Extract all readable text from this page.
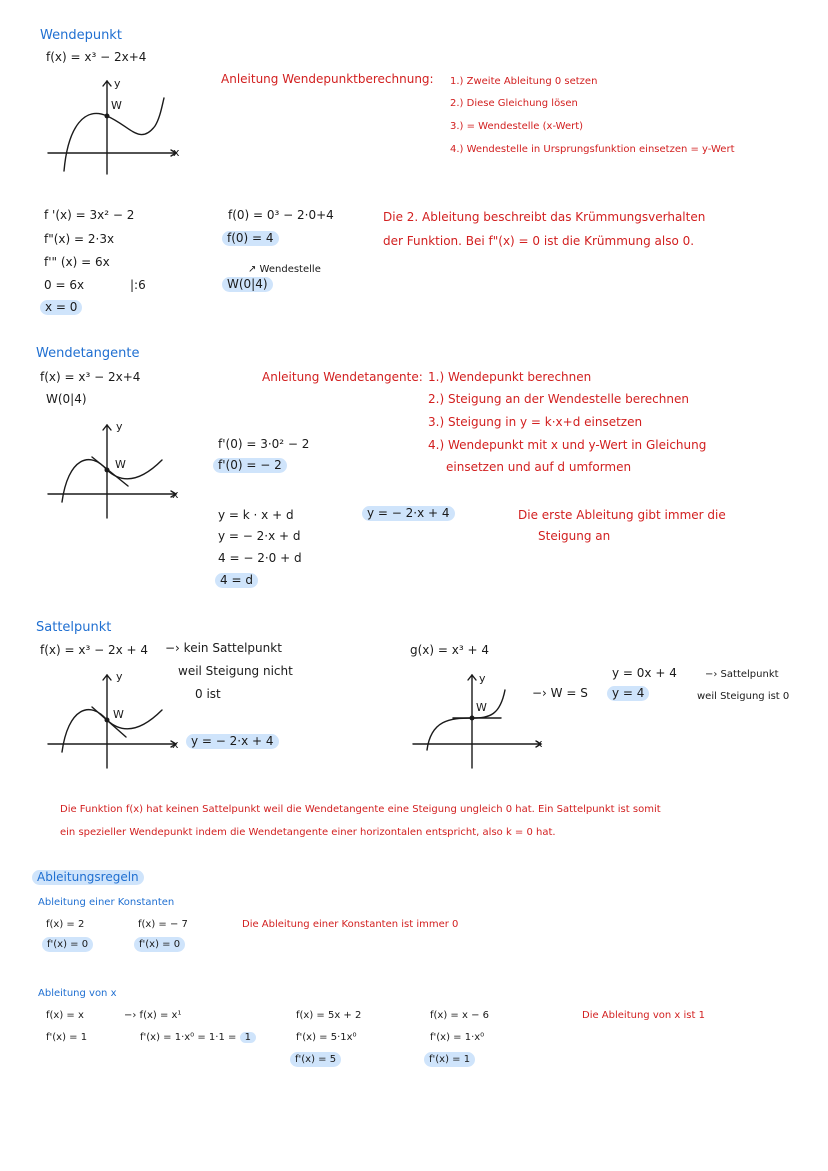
Wendepunkt
f(x) = x³ − 2x+4
y
x
W
Anleitung Wendepunktberechnung: 1.) Zweite Ableitung 0 setzen
2.) Diese Gleichung lösen
3.) = Wendestelle (x-Wert)
4.) Wendestelle in Ursprungsfunktion einsetzen = y-Wert
f '(x) = 3x² − 2
f"(x) = 2·3x
f'" (x) = 6x
0 = 6x	|:6
x = 0
f(0) = 0³ − 2·0+4
f(0) = 4
↗ Wendestelle
W(0|4)
Die 2. Ableitung beschreibt das Krümmungsverhalten
der Funktion. Bei f"(x) = 0 ist die Krümmung also 0.
Wendetangente
f(x) = x³ − 2x+4
W(0|4)
y
x
W
Anleitung Wendetangente: 1.) Wendepunkt berechnen
2.) Steigung an der Wendestelle berechnen
3.) Steigung in y = k·x+d einsetzen
4.) Wendepunkt mit x und y-Wert in Gleichung
einsetzen und auf d umformen
f'(0) = 3·0² − 2
f'(0) = − 2
y = k · x + d
y = − 2·x + d
4 = − 2·0 + d
4 = d
y = − 2·x + 4	Die erste Ableitung gibt immer die
Steigung an
Sattelpunkt
f(x) = x³ − 2x + 4 −› kein Sattelpunkt
weil Steigung nicht
0 ist
y
x
W
y = − 2·x + 4
g(x) = x³ + 4
y
x
W
−› W = S
y = 0x + 4
y = 4
−› Sattelpunkt
weil Steigung ist 0
Die Funktion f(x) hat keinen Sattelpunkt weil die Wendetangente eine Steigung ungleich 0 hat. Ein Sattelpunkt ist somit
ein spezieller Wendepunkt indem die Wendetangente einer horizontalen entspricht, also k = 0 hat.
Ableitungsregeln
Ableitung einer Konstanten
f(x) = 2
f'(x) = 0
f(x) = − 7
f'(x) = 0
Die Ableitung einer Konstanten ist immer 0
Ableitung von x
f(x) = x
f'(x) = 1
−› f(x) = x¹
f'(x) = 1·x⁰ = 1·1 = 1
f(x) = 5x + 2
f'(x) = 5·1x⁰
f'(x) = 5
f(x) = x − 6
f'(x) = 1·x⁰
f'(x) = 1
Die Ableitung von x ist 1
